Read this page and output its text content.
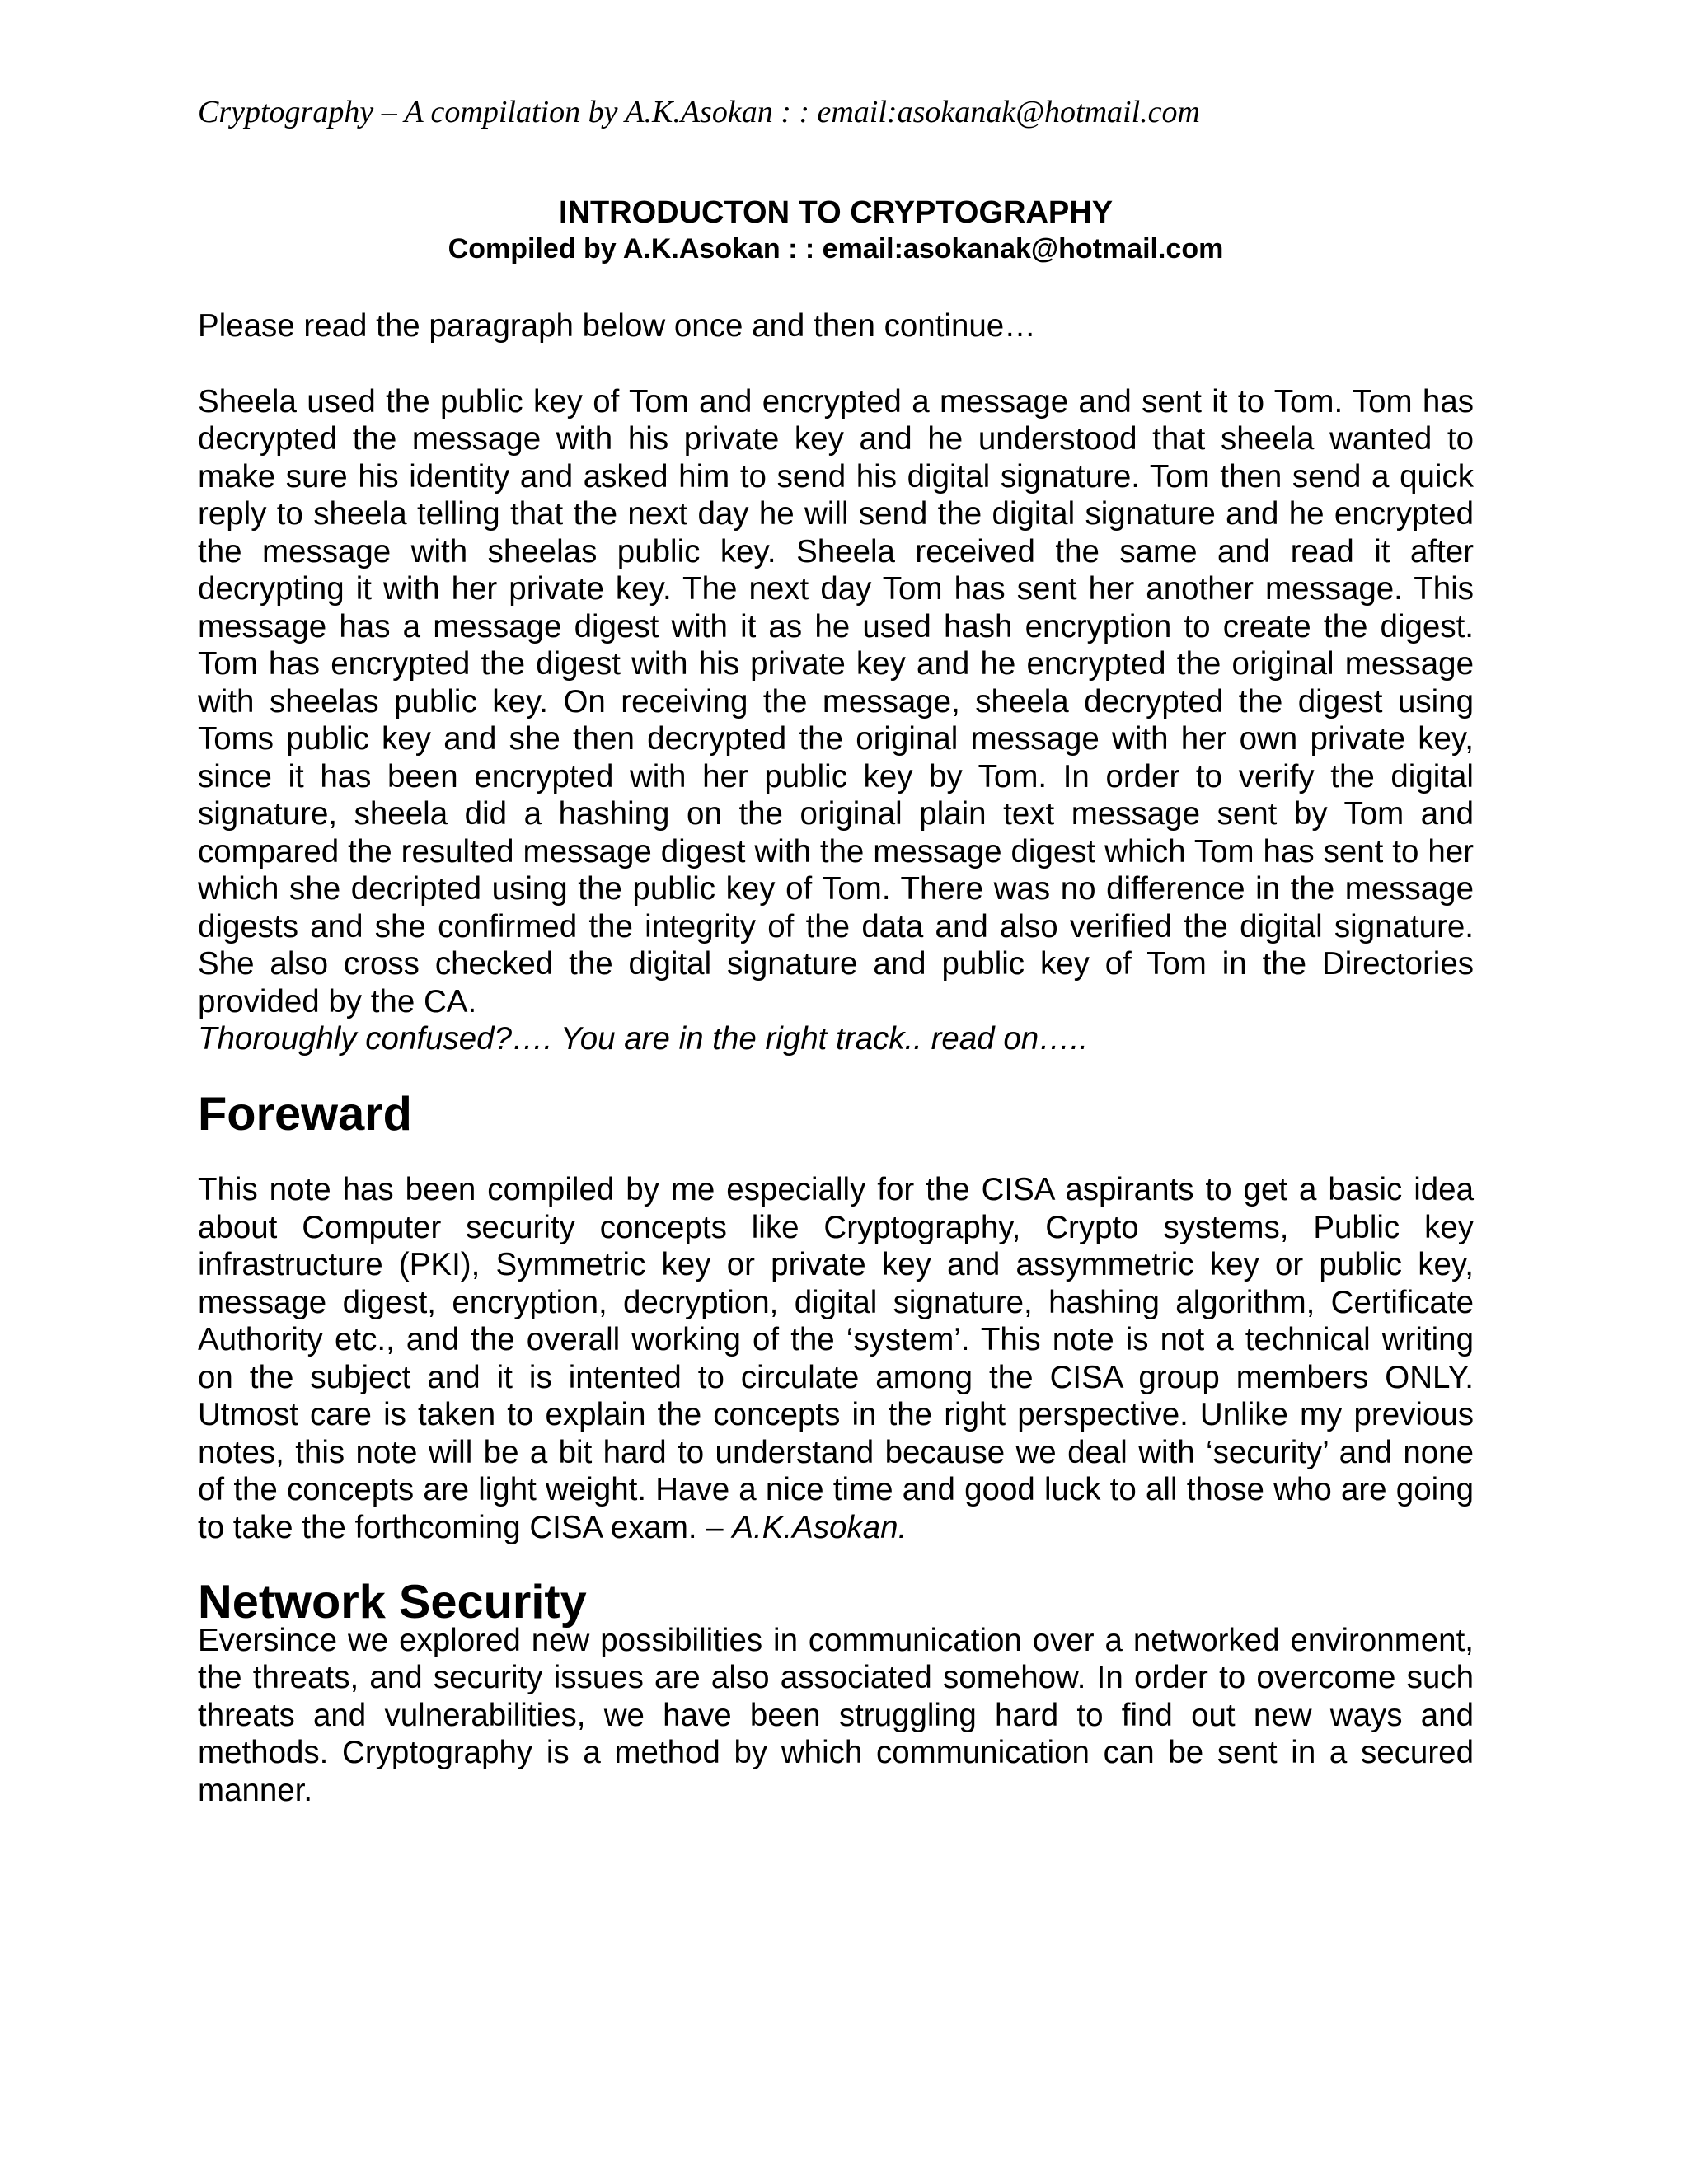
Cryptography – A compilation by A.K.Asokan : : email:asokanak@hotmail.com
INTRODUCTON TO CRYPTOGRAPHY
Compiled by A.K.Asokan : : email:asokanak@hotmail.com

Please read the paragraph below once and then continue…

Sheela used the public key of Tom and encrypted a message and sent it to Tom. Tom has decrypted the message with his private key and he understood that sheela wanted to make sure his identity and asked him to send his digital signature. Tom then send a quick reply to sheela telling that the next day he will send the digital signature and he encrypted the message with sheelas public key. Sheela received the same and read it after decrypting it with her private key. The next day Tom has sent her another message. This message has a message digest with it as he used hash encryption to create the digest. Tom has encrypted the digest with his private key and he encrypted the original message with sheelas public key. On receiving the message, sheela decrypted the digest using Toms public key and she then decrypted the original message with her own private key, since it has been encrypted with her public key by Tom. In order to verify the digital signature, sheela did a hashing on the original plain text message sent by Tom and compared the resulted message digest with the message digest which Tom has sent to her which she decripted using the public key of Tom. There was no difference in the message digests and she confirmed the integrity of the data and also verified the digital signature. She also cross checked the digital signature and public key of Tom in the Directories provided by the CA.

Thoroughly confused?…. You are in the right track.. read on…..

Foreward

This note has been compiled by me especially for the CISA aspirants to get a basic idea about Computer security concepts like Cryptography, Crypto systems, Public key infrastructure (PKI), Symmetric key or private key and assymmetric key or public key, message digest, encryption, decryption, digital signature, hashing algorithm, Certificate Authority etc., and the overall working of the ‘system’. This note is not a technical writing on the subject and it is intented to circulate among the CISA group members ONLY. Utmost care is taken to explain the concepts in the right perspective. Unlike my previous notes, this note will be a bit hard to understand because we deal with ‘security’ and none of the concepts are light weight. Have a nice time and good luck to all those who are going to take the forthcoming CISA exam. – A.K.Asokan.

Network Security

Eversince we explored new possibilities in communication over a networked environment, the threats, and security issues are also associated somehow. In order to overcome such threats and vulnerabilities, we have been struggling hard to find out new ways and methods. Cryptography is a method by which communication can be sent in a secured manner.
